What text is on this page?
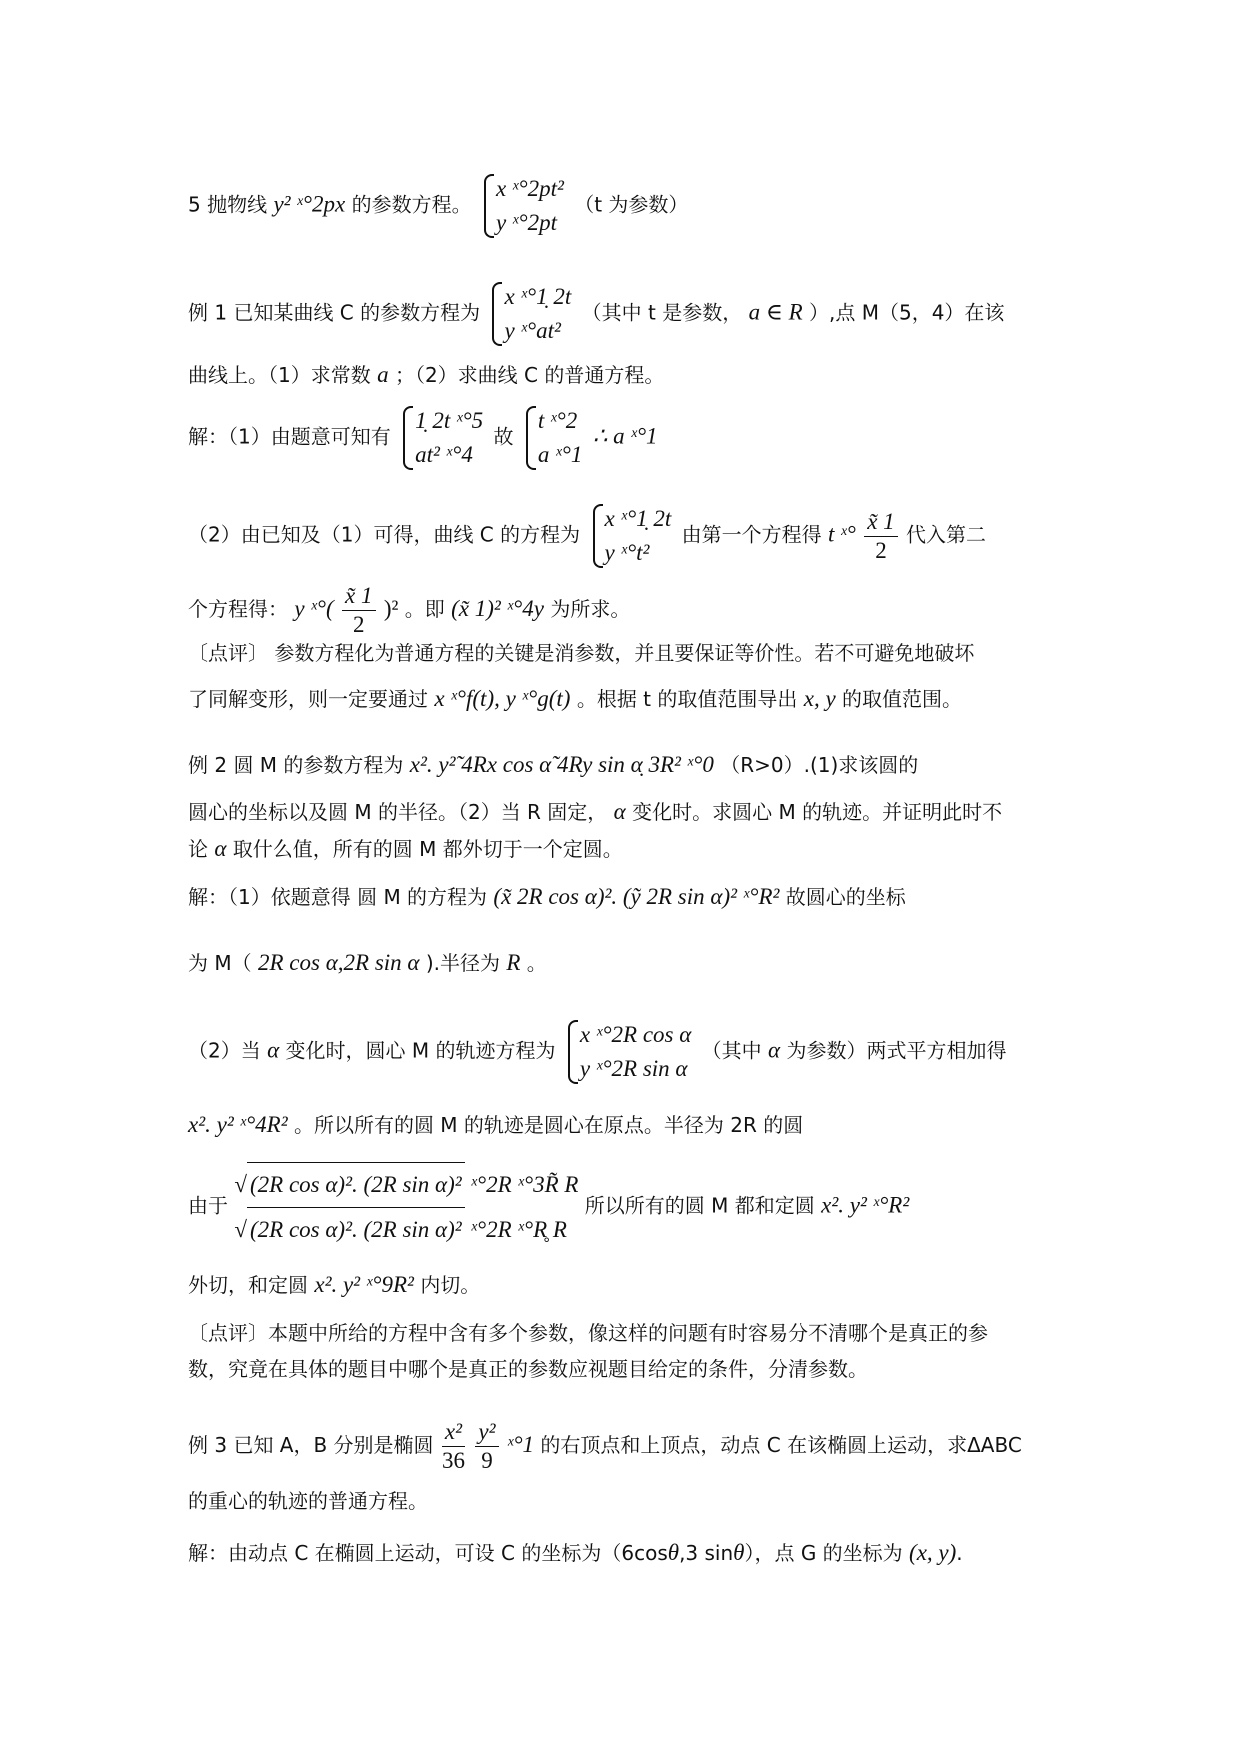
5 抛物线 y² ˣ°2px 的参数方程。
x ˣ°2pt²
y ˣ°2pt
（t 为参数）
例 1 已知某曲线 C 的参数方程为
x ˣ°1̣ 2t
y ˣ°at²
（其中 t 是参数， a ∈ R ）,点 M（5，4）在该
曲线上。（1）求常数 a ；（2）求曲线 C 的普通方程。
解：（1）由题意可知有
1̣ 2t ˣ°5
at² ˣ°4
故
t ˣ°2
a ˣ°1
∴ a ˣ°1
（2）由已知及（1）可得，曲线 C 的方程为
x ˣ°1̣ 2t
y ˣ°t²
由第一个方程得 t ˣ° $\frac{x̃ 1}{2}$ 代入第二
个方程得： y ˣ°( $\frac{x̃ 1}{2} )^2$ 。即 (x̃ 1)² ˣ°4y 为所求。
〔点评〕 参数方程化为普通方程的关键是消参数，并且要保证等价性。若不可避免地破坏
了同解变形，则一定要通过 x ˣ°f(t), y ˣ°g(t) 。根据 t 的取值范围导出 x, y 的取值范围。
例 2 圆 M 的参数方程为 x². y²̃ 4Rx cos α̃ 4Ry sin α̣ 3R² ˣ°0 （R>0）.(1)求该圆的
圆心的坐标以及圆 M 的半径。（2）当 R 固定， α 变化时。求圆心 M 的轨迹。并证明此时不
论 α 取什么值，所有的圆 M 都外切于一个定圆。
解：（1）依题意得 圆 M 的方程为 (x̃ 2R cos α)². (ỹ 2R sin α)² ˣ°R² 故圆心的坐标
为 M（ 2R cos α,2R sin α ).半径为 R 。
（2）当 α 变化时，圆心 M 的轨迹方程为
x ˣ°2R cos α
y ˣ°2R sin α
（其中 α 为参数）两式平方相加得
x². y² ˣ°4R² 。所以所有的圆 M 的轨迹是圆心在原点。半径为 2R 的圆
由于
√ (2R cos α)². (2R sin α)² ˣ°2R ˣ°3R̃ R
√ (2R cos α)². (2R sin α)² ˣ°2R ˣ°R̥ R
所以所有的圆 M 都和定圆 x². y² ˣ°R²
外切，和定圆 x². y² ˣ°9R² 内切。
〔点评〕本题中所给的方程中含有多个参数，像这样的问题有时容易分不清哪个是真正的参
数，究竟在具体的题目中哪个是真正的参数应视题目给定的条件，分清参数。
例 3 已知 A，B 分别是椭圆 $\frac{\text{x²}}{36}$
$\frac{\text{y²}}{9}$ ˣ°1 的右顶点和上顶点，动点 C 在该椭圆上运动，求ΔABC
的重心的轨迹的普通方程。
解：由动点 C 在椭圆上运动，可设 C 的坐标为（6cosθ,3 sinθ），点 G 的坐标为 (x, y).
